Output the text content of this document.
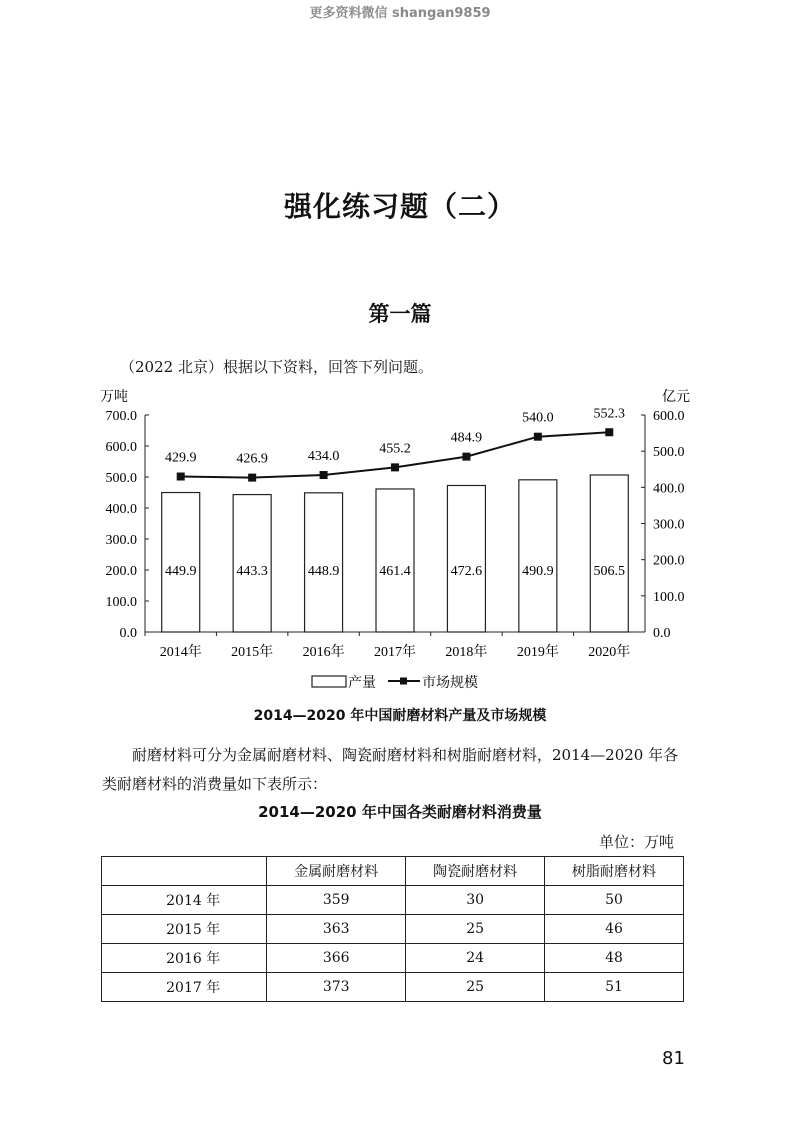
更多资料微信 shangan9859
强化练习题（二）
第一篇
（2022 北京）根据以下资料，回答下列问题。
万吨	亿元
产量	市场规模
0.0
100.0
200.0
300.0
400.0
500.0
600.0
700.0
0.0
100.0
200.0
300.0
400.0
500.0
600.0
449.9	443.3	448.9	461.4	472.6	490.9	506.5
2014年 2015年 2016年 2017年 2018年 2019年 2020年
429.9	426.9	434.0
455.2
484.9
540.0	552.3
2014—2020 年中国耐磨材料产量及市场规模
耐磨材料可分为金属耐磨材料、陶瓷耐磨材料和树脂耐磨材料，2014—2020 年各类耐磨材料的消费量如下表所示：
2014—2020 年中国各类耐磨材料消费量
单位：万吨
	金属耐磨材料	陶瓷耐磨材料	树脂耐磨材料
2014 年	359	30	50
2015 年	363	25	46
2016 年	366	24	48
2017 年	373	25	51
81
